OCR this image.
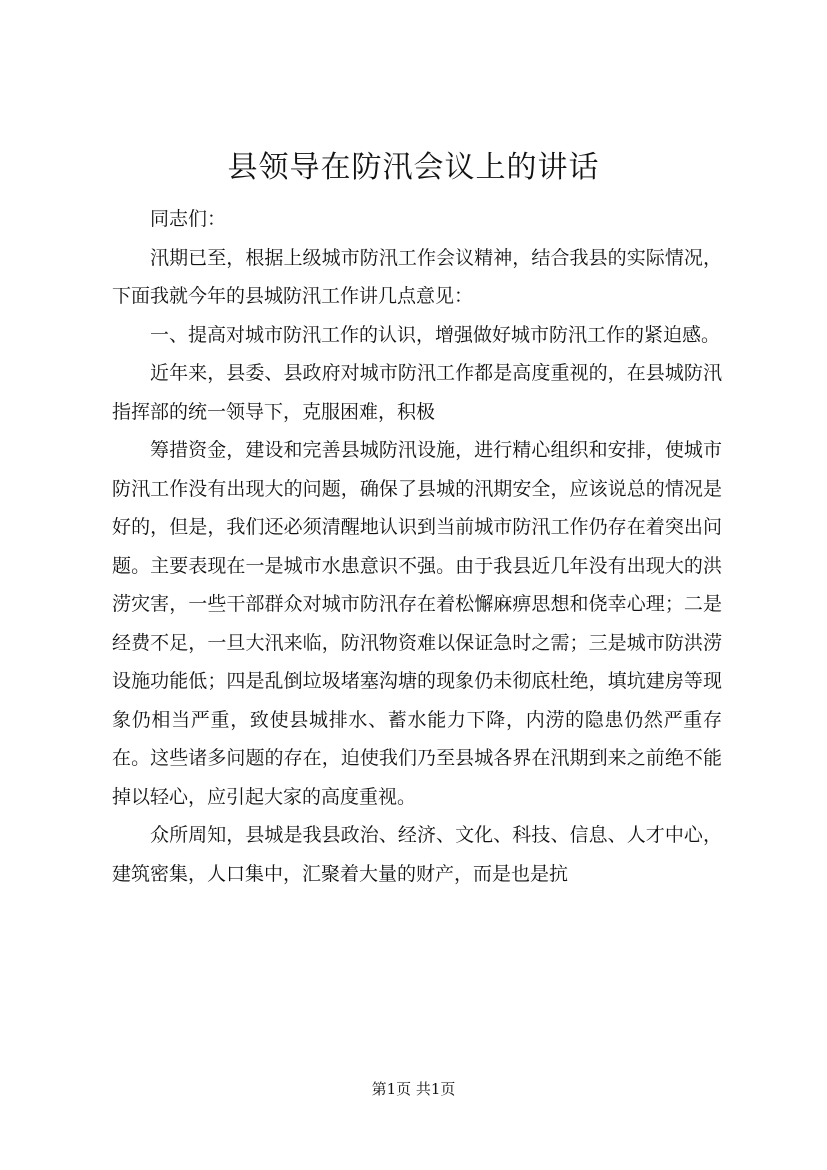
县领导在防汛会议上的讲话

同志们：

汛期已至，根据上级城市防汛工作会议精神，结合我县的实际情况，下面我就今年的县城防汛工作讲几点意见：

一、提高对城市防汛工作的认识，增强做好城市防汛工作的紧迫感。

近年来，县委、县政府对城市防汛工作都是高度重视的，在县城防汛指挥部的统一领导下，克服困难，积极

筹措资金，建设和完善县城防汛设施，进行精心组织和安排，使城市防汛工作没有出现大的问题，确保了县城的汛期安全，应该说总的情况是好的，但是，我们还必须清醒地认识到当前城市防汛工作仍存在着突出问题。主要表现在一是城市水患意识不强。由于我县近几年没有出现大的洪涝灾害，一些干部群众对城市防汛存在着松懈麻痹思想和侥幸心理；二是经费不足，一旦大汛来临，防汛物资难以保证急时之需；三是城市防洪涝设施功能低；四是乱倒垃圾堵塞沟塘的现象仍未彻底杜绝，填坑建房等现象仍相当严重，致使县城排水、蓄水能力下降，内涝的隐患仍然严重存在。这些诸多问题的存在，迫使我们乃至县城各界在汛期到来之前绝不能掉以轻心，应引起大家的高度重视。

众所周知，县城是我县政治、经济、文化、科技、信息、人才中心，建筑密集，人口集中，汇聚着大量的财产，而是也是抗

第1页 共1页
